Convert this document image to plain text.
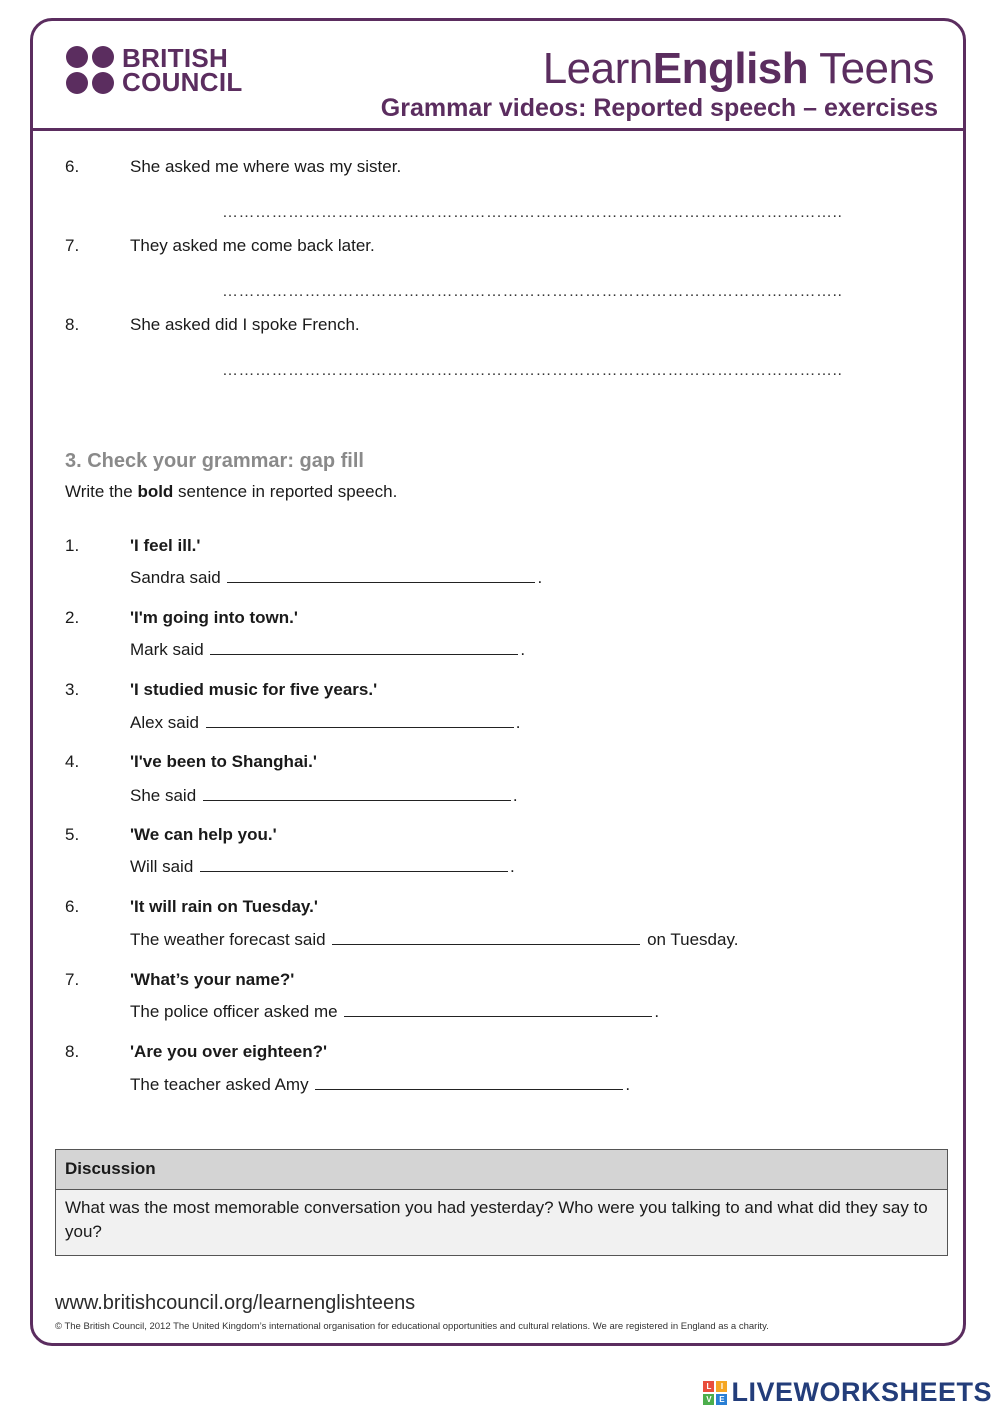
BRITISH
COUNCIL	LearnEnglish Teens
Grammar videos: Reported speech – exercises
6.	She asked me where was my sister.
…………………………………………………………………………………………………..
7.	They asked me come back later.
…………………………………………………………………………………………………..
8.	She asked did I spoke French.
…………………………………………………………………………………………………..
3. Check your grammar: gap fill
Write the bold sentence in reported speech.
1.	'I feel ill.'
Sandra said	.
2.	'I'm going into town.'
Mark said	.
3.	'I studied music for five years.'
Alex said	.
4.	'I've been to Shanghai.'
She said	.
5.	'We can help you.'
Will said	.
6.	'It will rain on Tuesday.'
The weather forecast said	on Tuesday.
7.	'What’s your name?'
The police officer asked me	.
8.	'Are you over eighteen?'
The teacher asked Amy	.
Discussion
What was the most memorable conversation you had yesterday? Who were you talking to and what did they say to you?
www.britishcouncil.org/learnenglishteens
© The British Council, 2012 The United Kingdom’s international organisation for educational opportunities and cultural relations. We are registered in England as a charity.
L	I
V E LIVEWORKSHEETS
